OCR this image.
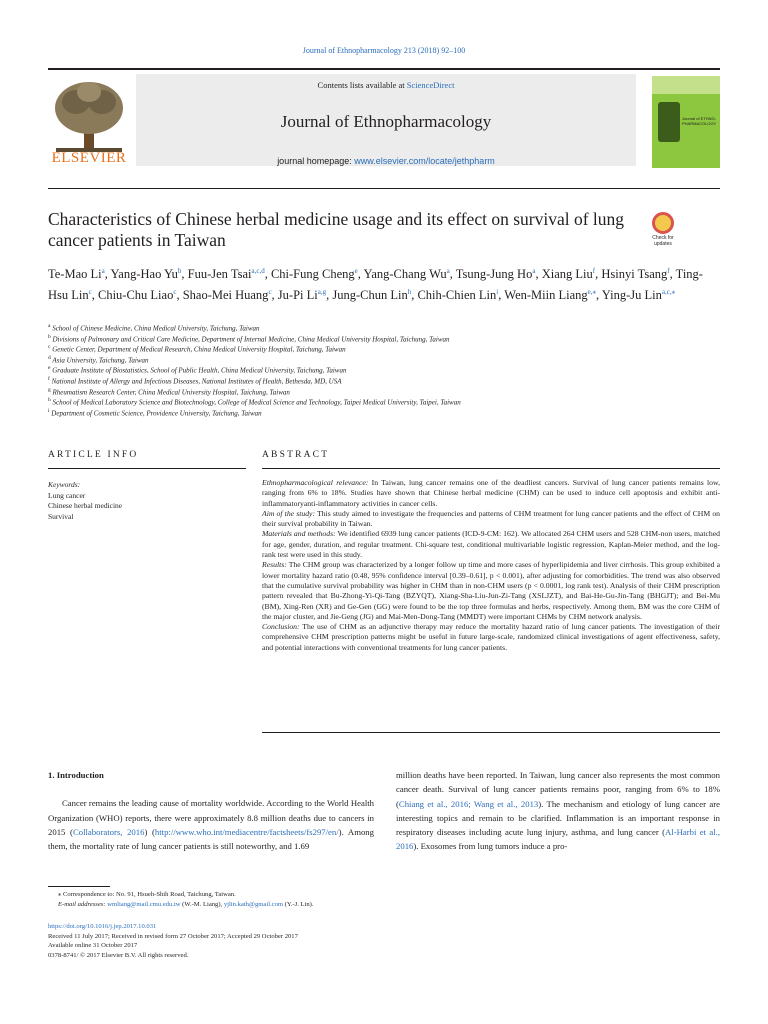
Journal of Ethnopharmacology 213 (2018) 92–100
ELSEVIER
Contents lists available at ScienceDirect
Journal of Ethnopharmacology
journal homepage: www.elsevier.com/locate/jethpharm
Journal of ETHNO-PHARMACOLOGY
Characteristics of Chinese herbal medicine usage and its effect on survival of lung cancer patients in Taiwan	Check for updates
Te-Mao Li$^a$, Yang-Hao Yu$^b$, Fuu-Jen Tsai$^{a,c,d}$, Chi-Fung Cheng$^e$, Yang-Chang Wu$^a$, Tsung-Jung Ho$^a$, Xiang Liu$^f$, Hsinyi Tsang$^f$, Ting-Hsu Lin$^c$, Chiu-Chu Liao$^c$, Shao-Mei Huang$^c$, Ju-Pi Li$^{a,g}$, Jung-Chun Lin$^h$, Chih-Chien Lin$^i$, Wen-Miin Liang$^{e,⁎}$, Ying-Ju Lin$^{a,c,⁎}$
$^a$ School of Chinese Medicine, China Medical University, Taichung, Taiwan
$^b$ Divisions of Pulmonary and Critical Care Medicine, Department of Internal Medicine, China Medical University Hospital, Taichung, Taiwan
$^c$ Genetic Center, Department of Medical Research, China Medical University Hospital, Taichung, Taiwan
$^d$ Asia University, Taichung, Taiwan
$^e$ Graduate Institute of Biostatistics, School of Public Health, China Medical University, Taichung, Taiwan
$^f$ National Institute of Allergy and Infectious Diseases, National Institutes of Health, Bethesda, MD, USA
$^g$ Rheumatism Research Center, China Medical University Hospital, Taichung, Taiwan
$^h$ School of Medical Laboratory Science and Biotechnology, College of Medical Science and Technology, Taipei Medical University, Taipei, Taiwan
$^i$ Department of Cosmetic Science, Providence University, Taichung, Taiwan
ARTICLE INFO	ABSTRACT
Keywords:
Lung cancer
Chinese herbal medicine
Survival

Ethnopharmacological relevance: In Taiwan, lung cancer remains one of the deadliest cancers. Survival of lung cancer patients remains low, ranging from 6% to 18%. Studies have shown that Chinese herbal medicine (CHM) can be used to induce cell apoptosis and exhibit anti-inflammatoryanti-inflammatory activities in cancer cells.

Aim of the study: This study aimed to investigate the frequencies and patterns of CHM treatment for lung cancer patients and the effect of CHM on their survival probability in Taiwan.

Materials and methods: We identified 6939 lung cancer patients (ICD-9-CM: 162). We allocated 264 CHM users and 528 CHM-non users, matched for age, gender, duration, and regular treatment. Chi-square test, conditional multivariable logistic regression, Kaplan-Meier method, and the log-rank test were used in this study.

Results: The CHM group was characterized by a longer follow up time and more cases of hyperlipidemia and liver cirrhosis. This group exhibited a lower mortality hazard ratio (0.48, 95% confidence interval [0.39–0.61], p < 0.001), after adjusting for comorbidities. The trend was also observed that the cumulative survival probability was higher in CHM than in non-CHM users (p < 0.0001, log rank test). Analysis of their CHM prescription pattern revealed that Bu-Zhong-Yi-Qi-Tang (BZYQT), Xiang-Sha-Liu-Jun-Zi-Tang (XSLJZT), and Bai-He-Gu-Jin-Tang (BHGJT); and Bei-Mu (BM), Xing-Ren (XR) and Ge-Gen (GG) were found to be the top three formulas and herbs, respectively. Among them, BM was the core CHM of the major cluster, and Jie-Geng (JG) and Mai-Men-Dong-Tang (MMDT) were important CHMs by CHM network analysis.

Conclusion: The use of CHM as an adjunctive therapy may reduce the mortality hazard ratio of lung cancer patients. The investigation of their comprehensive CHM prescription patterns might be useful in future large-scale, randomized clinical investigations of agent effectiveness, safety, and potential interactions with conventional treatments for lung cancer patients.

1. Introduction

Cancer remains the leading cause of mortality worldwide. According to the World Health Organization (WHO) reports, there were approximately 8.8 million deaths due to cancers in 2015 (Collaborators, 2016) (http://www.who.int/mediacentre/factsheets/fs297/en/). Among them, the mortality rate of lung cancer patients is still noteworthy, and 1.69

million deaths have been reported. In Taiwan, lung cancer also represents the most common cancer death. Survival of lung cancer patients remains poor, ranging from 6% to 18% (Chiang et al., 2016; Wang et al., 2013). The mechanism and etiology of lung cancer are interesting topics and remain to be clarified. Inflammation is an important response in respiratory diseases including acute lung injury, asthma, and lung cancer (Al-Harbi et al., 2016). Exosomes from lung tumors induce a pro-

⁎ Correspondence to: No. 91, Hsueh-Shih Road, Taichung, Taiwan.
E-mail addresses: wmliang@mail.cmu.edu.tw (W.-M. Liang), yjlin.kath@gmail.com (Y.-J. Lin).
https://doi.org/10.1016/j.jep.2017.10.031
Received 11 July 2017; Received in revised form 27 October 2017; Accepted 29 October 2017
Available online 31 October 2017
0378-8741/ © 2017 Elsevier B.V. All rights reserved.
